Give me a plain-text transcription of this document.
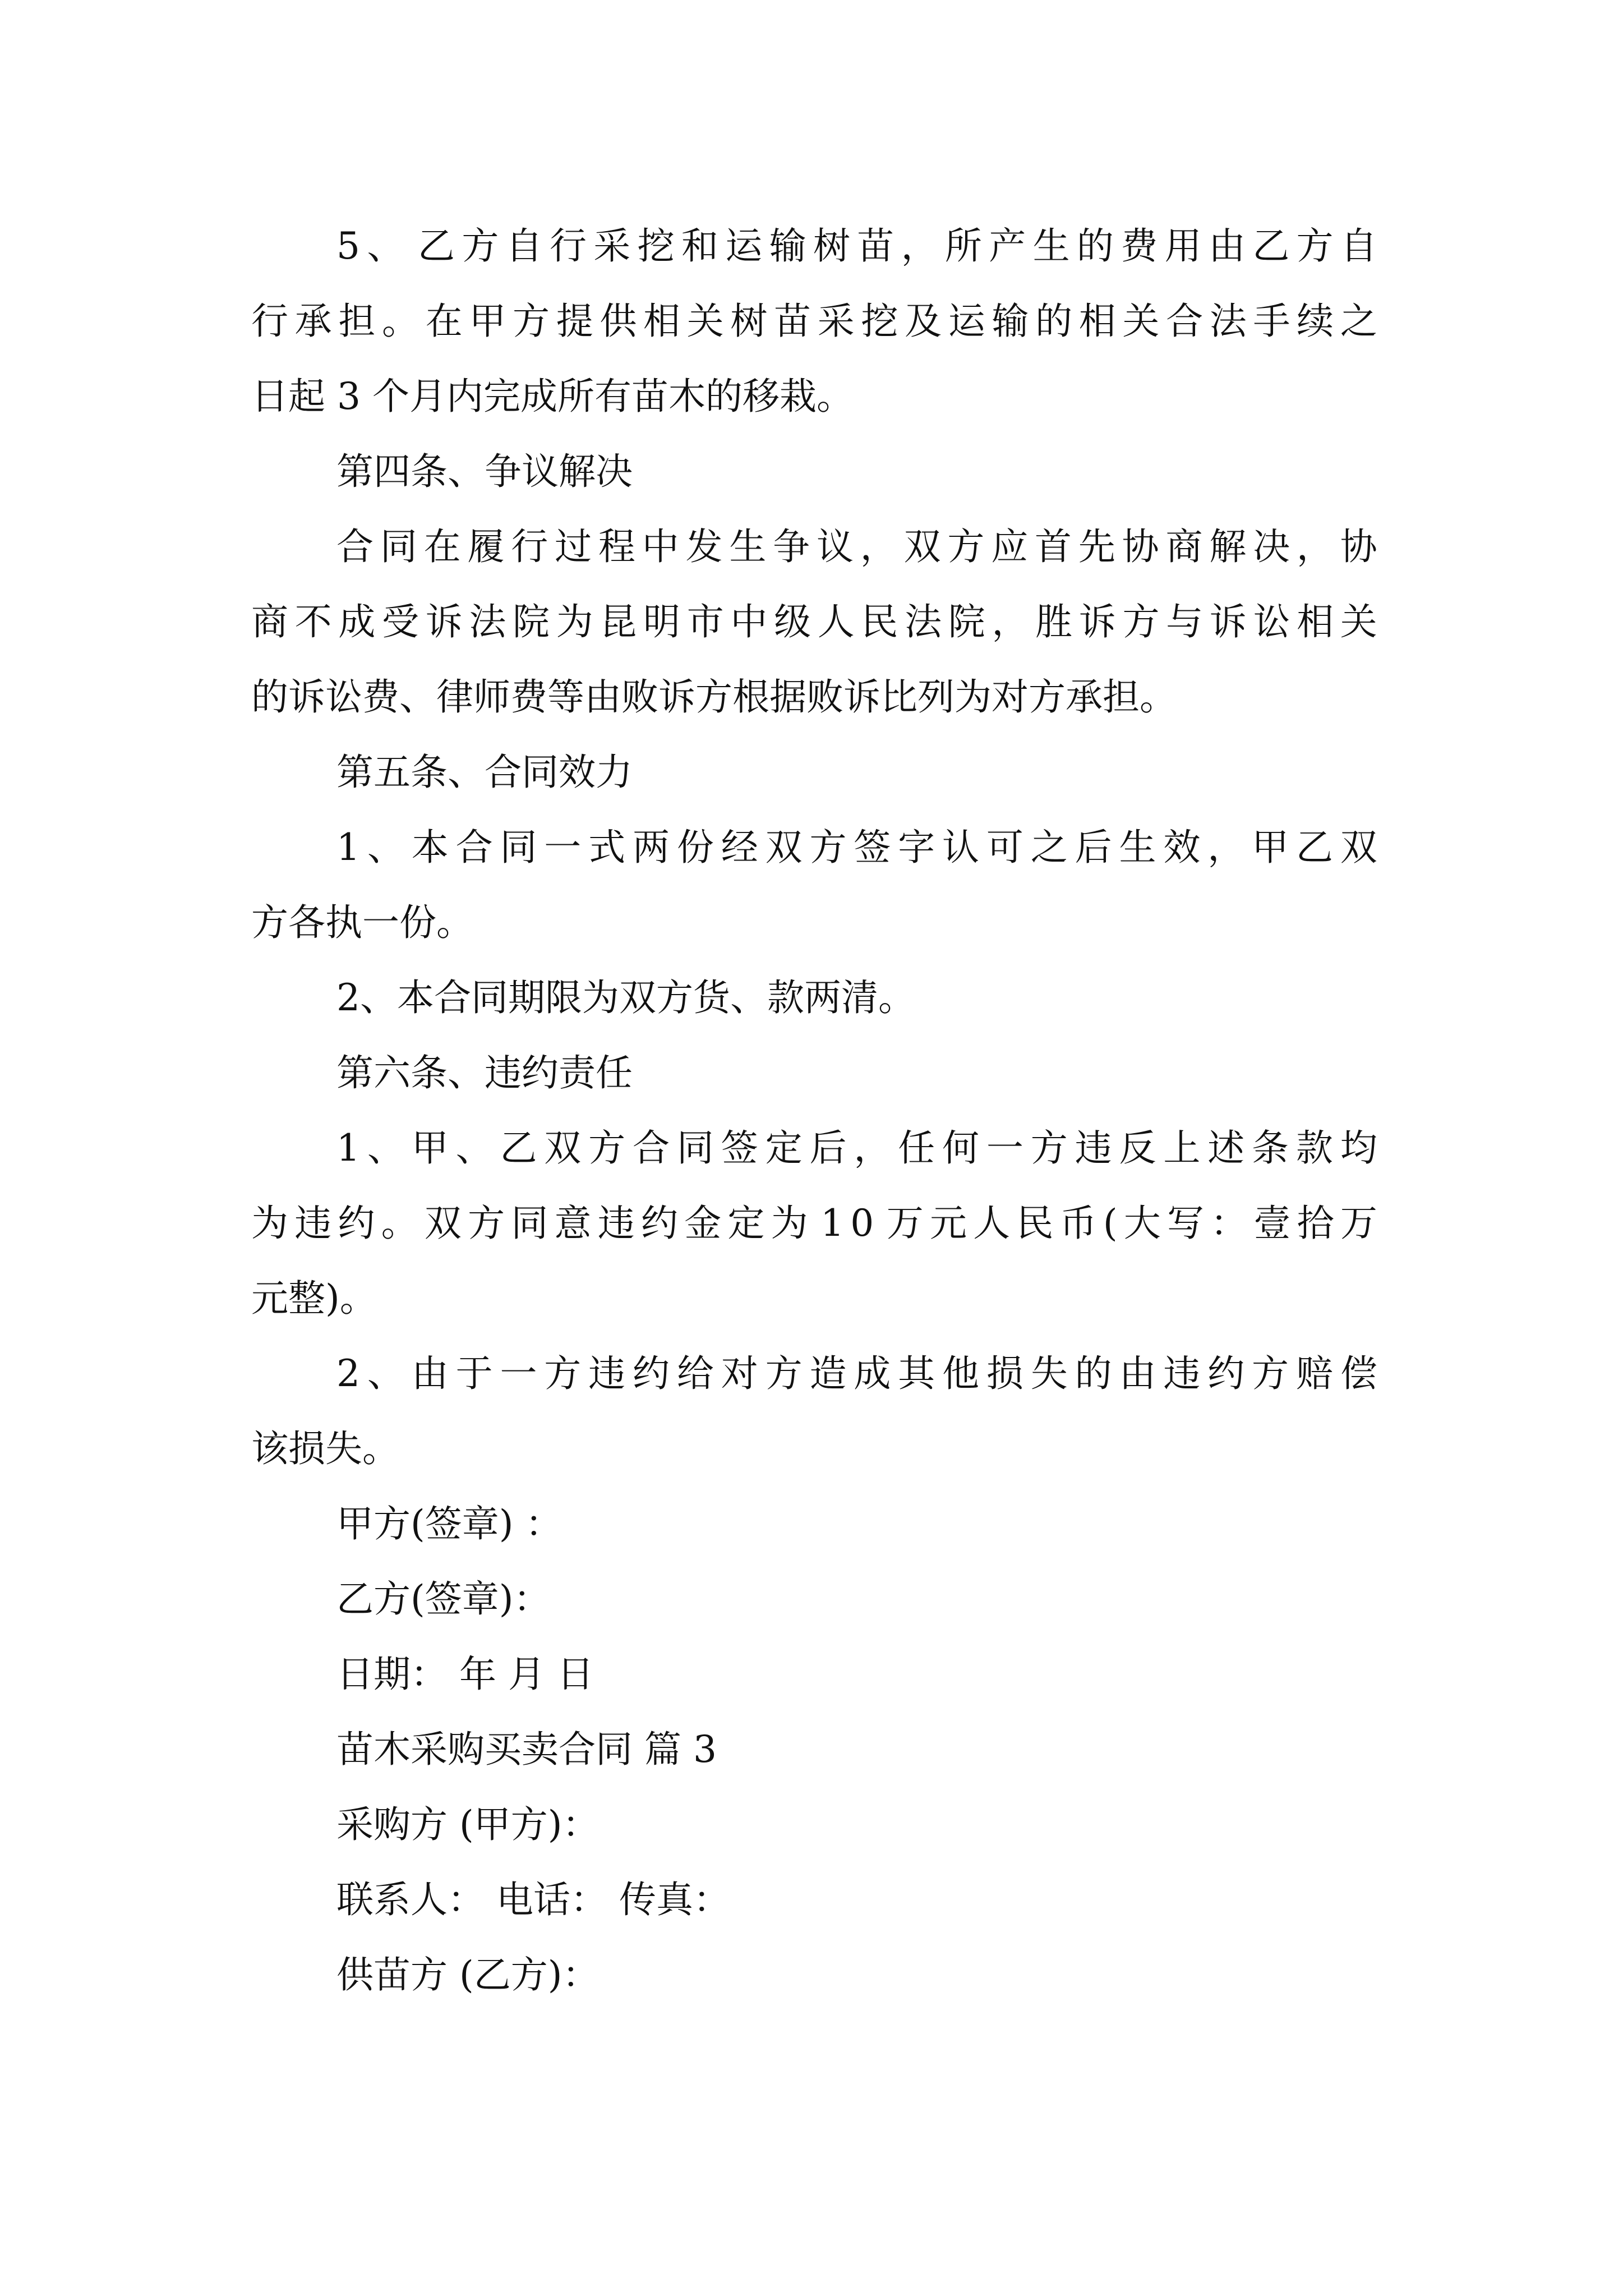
5 、 乙 方 自 行 采 挖 和 运 输 树 苗 ， 所 产 生 的 费 用 由 乙 方 自
行 承 担 。 在 甲 方 提 供 相 关 树 苗 采 挖 及 运 输 的 相 关 合 法 手 续 之
日起 3 个月内完成所有苗木的移栽。
第四条、争议解决
合 同 在 履 行 过 程 中 发 生 争 议 ， 双 方 应 首 先 协 商 解 决 ， 协
商 不 成 受 诉 法 院 为 昆 明 市 中 级 人 民 法 院 ， 胜 诉 方 与 诉 讼 相 关
的诉讼费、律师费等由败诉方根据败诉比列为对方承担。
第五条、合同效力
1 、 本 合 同 一 式 两 份 经 双 方 签 字 认 可 之 后 生 效 ， 甲 乙 双
方各执一份。
2、本合同期限为双方货、款两清。
第六条、违约责任
1 、 甲 、 乙 双 方 合 同 签 定 后 ， 任 何 一 方 违 反 上 述 条 款 均
为 违 约 。 双 方 同 意 违 约 金 定 为 1 0 万 元 人 民 币 ( 大 写 ： 壹 拾 万
元整)。
2 、 由 于 一 方 违 约 给 对 方 造 成 其 他 损 失 的 由 违 约 方 赔 偿
该损失。
甲方(签章) ：
乙方(签章)：
日期： 年 月 日
苗木采购买卖合同 篇 3
采购方 (甲方)：
联系人： 电话： 传真：
供苗方 (乙方)：
